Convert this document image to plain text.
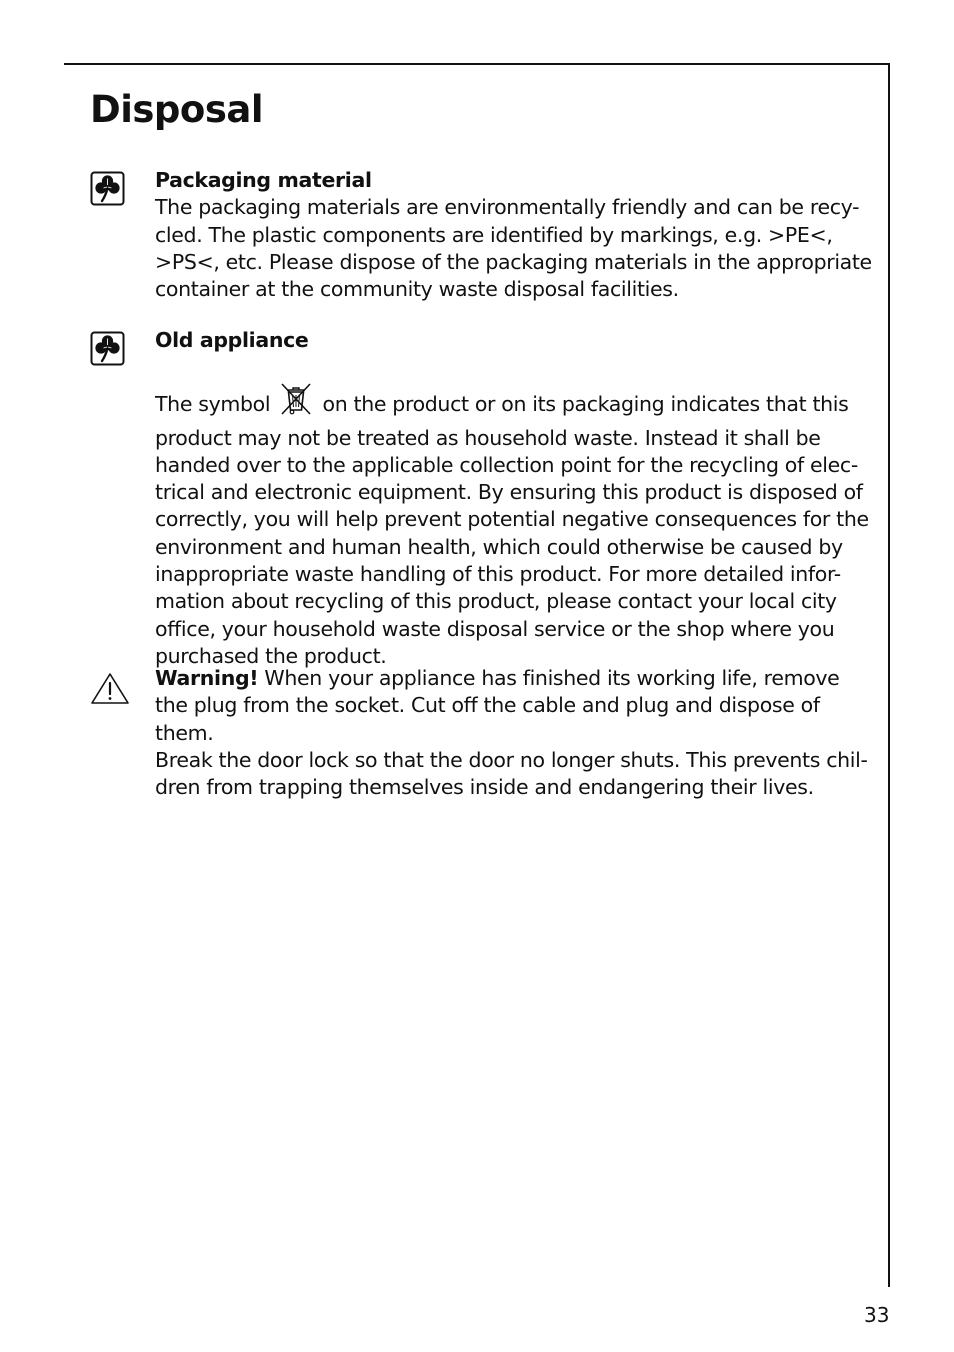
Disposal

Packaging material

The packaging materials are environmentally friendly and can be recy-

cled. The plastic components are identified by markings, e.g. >PE<,

>PS<, etc. Please dispose of the packaging materials in the appropriate

container at the community waste disposal facilities.

Old appliance

The symbol	on the product or on its packaging indicates that this

product may not be treated as household waste. Instead it shall be

handed over to the applicable collection point for the recycling of elec-

trical and electronic equipment. By ensuring this product is disposed of

correctly, you will help prevent potential negative consequences for the

environment and human health, which could otherwise be caused by

inappropriate waste handling of this product. For more detailed infor-

mation about recycling of this product, please contact your local city

office, your household waste disposal service or the shop where you

purchased the product.

Warning! When your appliance has finished its working life, remove

the plug from the socket. Cut off the cable and plug and dispose of

them.

Break the door lock so that the door no longer shuts. This prevents chil-

dren from trapping themselves inside and endangering their lives.

33
